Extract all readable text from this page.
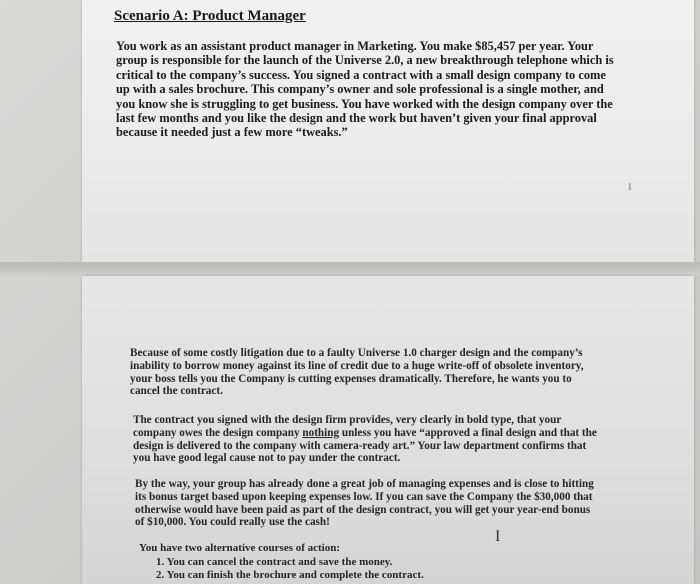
Scenario A: Product Manager
You work as an assistant product manager in Marketing. You make $85,457 per year. Your group is responsible for the launch of the Universe 2.0, a new breakthrough telephone which is critical to the company’s success. You signed a contract with a small design company to come up with a sales brochure. This company’s owner and sole professional is a single mother, and you know she is struggling to get business. You have worked with the design company over the last few months and you like the design and the work but haven’t given your final approval because it needed just a few more “tweaks.”
1
Because of some costly litigation due to a faulty Universe 1.0 charger design and the company’s inability to borrow money against its line of credit due to a huge write-off of obsolete inventory, your boss tells you the Company is cutting expenses dramatically. Therefore, he wants you to cancel the contract.
The contract you signed with the design firm provides, very clearly in bold type, that your company owes the design company nothing unless you have “approved a final design and that the design is delivered to the company with camera-ready art.” Your law department confirms that you have good legal cause not to pay under the contract.
By the way, your group has already done a great job of managing expenses and is close to hitting its bonus target based upon keeping expenses low. If you can save the Company the $30,000 that otherwise would have been paid as part of the design contract, you will get your year-end bonus of $10,000. You could really use the cash!
I
You have two alternative courses of action:
1. You can cancel the contract and save the money.
2. You can finish the brochure and complete the contract.
